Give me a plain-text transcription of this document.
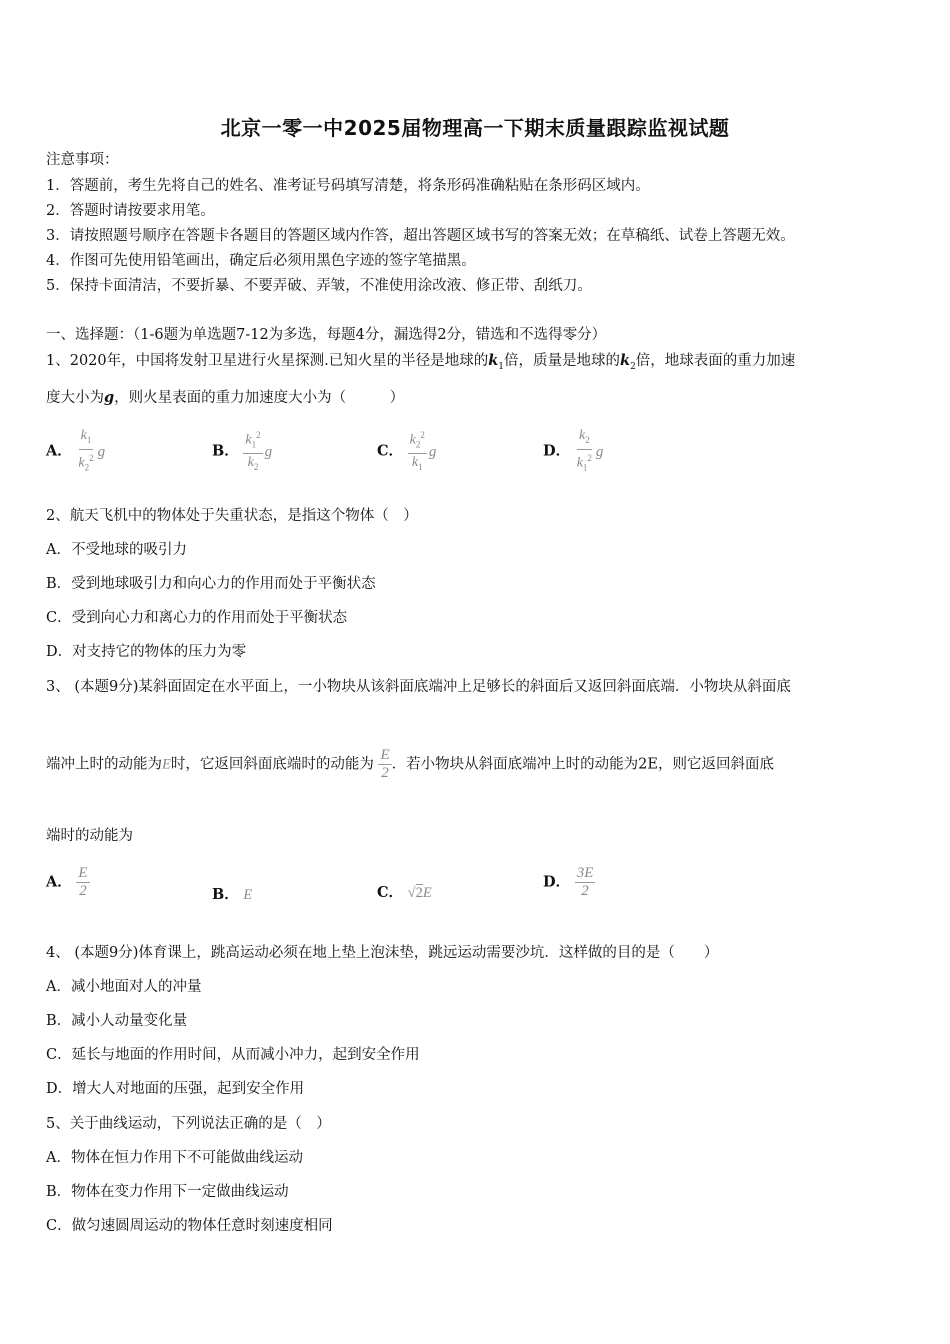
北京一零一中2025届物理高一下期末质量跟踪监视试题
注意事项：
1．答题前，考生先将自己的姓名、准考证号码填写清楚，将条形码准确粘贴在条形码区域内。
2．答题时请按要求用笔。
3．请按照题号顺序在答题卡各题目的答题区域内作答，超出答题区域书写的答案无效；在草稿纸、试卷上答题无效。
4．作图可先使用铅笔画出，确定后必须用黑色字迹的签字笔描黑。
5．保持卡面清洁，不要折暴、不要弄破、弄皱，不准使用涂改液、修正带、刮纸刀。
一、选择题：（1-6题为单选题7-12为多选，每题4分，漏选得2分，错选和不选得零分）
1、2020年，中国将发射卫星进行火星探测.已知火星的半径是地球的$k_1$倍，质量是地球的$k_2$倍，地球表面的重力加速
度大小为g，则火星表面的重力加速度大小为（　　　）
A． $\frac{k_1}{k_2^2}$ g	B． $\frac{k_1^2}{k_2}$ g	C． $\frac{k_2^2}{k_1}$ g	D． $\frac{k_2}{k_1^2}$ g
2、航天飞机中的物体处于失重状态，是指这个物体（　）
A．不受地球的吸引力
B．受到地球吸引力和向心力的作用而处于平衡状态
C．受到向心力和离心力的作用而处于平衡状态
D．对支持它的物体的压力为零
3、 (本题9分)某斜面固定在水平面上，一小物块从该斜面底端冲上足够长的斜面后又返回斜面底端．小物块从斜面底
端冲上时的动能为E时，它返回斜面底端时的动能为 $\frac{E}{2}$ ．若小物块从斜面底端冲上时的动能为2E，则它返回斜面底
端时的动能为
A． $\frac{E}{2}$	B． E	C． √2E
D． $\frac{3E}{2}$
4、 (本题9分)体育课上，跳高运动必须在地上垫上泡沫垫，跳远运动需要沙坑．这样做的目的是（　　）
A．减小地面对人的冲量
B．减小人动量变化量
C．延长与地面的作用时间，从而减小冲力，起到安全作用
D．增大人对地面的压强，起到安全作用
5、关于曲线运动，下列说法正确的是（　）
A．物体在恒力作用下不可能做曲线运动
B．物体在变力作用下一定做曲线运动
C．做匀速圆周运动的物体任意时刻速度相同
